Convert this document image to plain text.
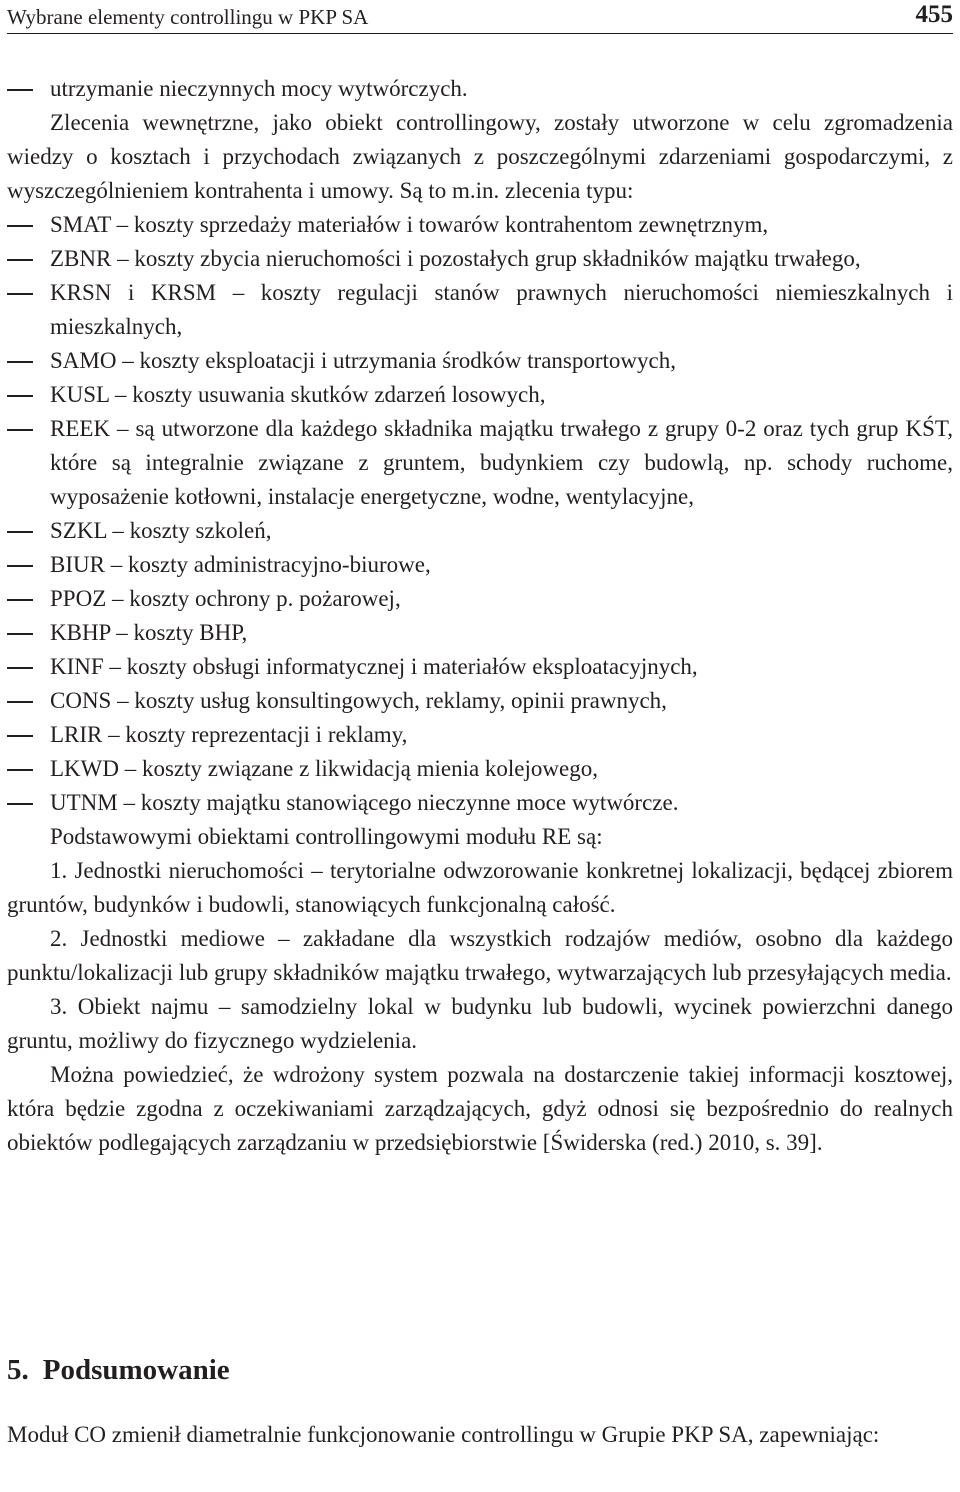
Wybrane elementy controllingu w PKP SA	455

utrzymanie nieczynnych mocy wytwórczych.

Zlecenia wewnętrzne, jako obiekt controllingowy, zostały utworzone w celu zgromadzenia wiedzy o kosztach i przychodach związanych z poszczególnymi zdarzeniami gospodarczymi, z wyszczególnieniem kontrahenta i umowy. Są to m.in. zlecenia typu:

SMAT – koszty sprzedaży materiałów i towarów kontrahentom zewnętrznym,

ZBNR – koszty zbycia nieruchomości i pozostałych grup składników majątku trwałego,

KRSN i KRSM – koszty regulacji stanów prawnych nieruchomości niemieszkalnych i mieszkalnych,

SAMO – koszty eksploatacji i utrzymania środków transportowych,

KUSL – koszty usuwania skutków zdarzeń losowych,

REEK – są utworzone dla każdego składnika majątku trwałego z grupy 0-2 oraz tych grup KŚT, które są integralnie związane z gruntem, budynkiem czy budowlą, np. schody ruchome, wyposażenie kotłowni, instalacje energetyczne, wodne, wentylacyjne,

SZKL – koszty szkoleń,

BIUR – koszty administracyjno-biurowe,

PPOZ – koszty ochrony p. pożarowej,

KBHP – koszty BHP,

KINF – koszty obsługi informatycznej i materiałów eksploatacyjnych,

CONS – koszty usług konsultingowych, reklamy, opinii prawnych,

LRIR – koszty reprezentacji i reklamy,

LKWD – koszty związane z likwidacją mienia kolejowego,

UTNM – koszty majątku stanowiącego nieczynne moce wytwórcze.

Podstawowymi obiektami controllingowymi modułu RE są:

1. Jednostki nieruchomości – terytorialne odwzorowanie konkretnej lokalizacji, będącej zbiorem gruntów, budynków i budowli, stanowiących funkcjonalną całość.

2. Jednostki mediowe – zakładane dla wszystkich rodzajów mediów, osobno dla każdego punktu/lokalizacji lub grupy składników majątku trwałego, wytwarzających lub przesyłających media.

3. Obiekt najmu – samodzielny lokal w budynku lub budowli, wycinek powierzchni danego gruntu, możliwy do fizycznego wydzielenia.

Można powiedzieć, że wdrożony system pozwala na dostarczenie takiej informacji kosztowej, która będzie zgodna z oczekiwaniami zarządzających, gdyż odnosi się bezpośrednio do realnych obiektów podlegających zarządzaniu w przedsiębiorstwie [Świderska (red.) 2010, s. 39].

5. Podsumowanie

Moduł CO zmienił diametralnie funkcjonowanie controllingu w Grupie PKP SA, zapewniając:
